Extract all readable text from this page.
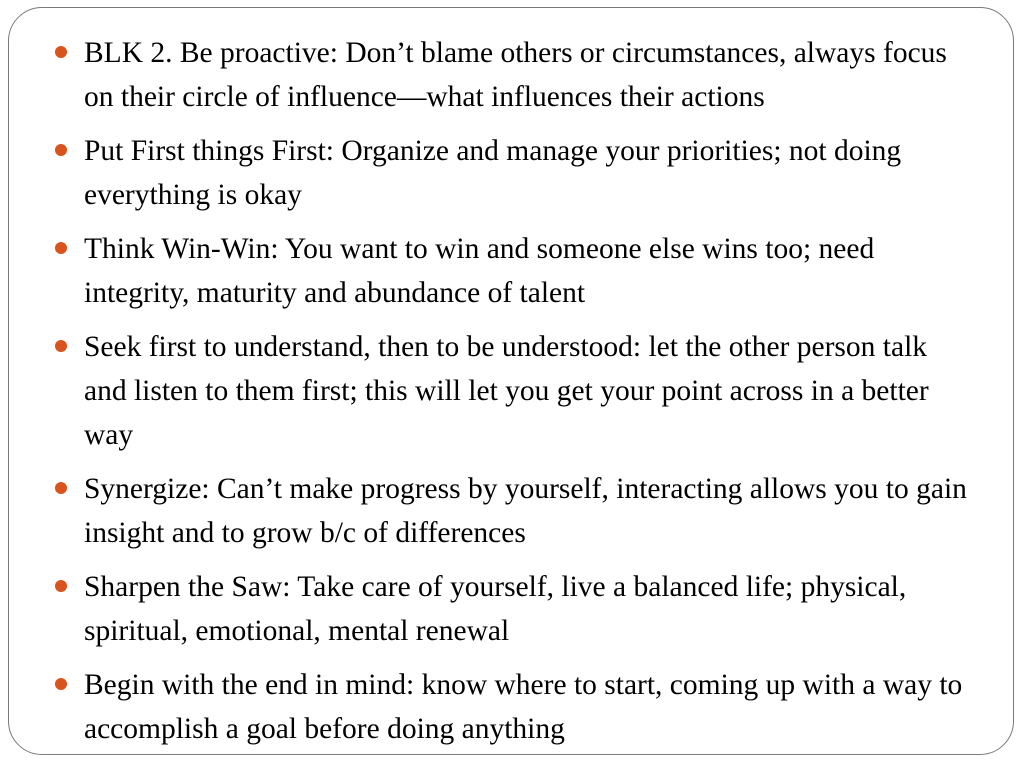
BLK 2. Be proactive: Don’t blame others or circumstances, always focus on their circle of influence—what influences their actions
Put First things First: Organize and manage your priorities; not doing everything is okay
Think Win-Win: You want to win and someone else wins too; need integrity, maturity and abundance of talent
Seek first to understand, then to be understood: let the other person talk and listen to them first; this will let you get your point across in a better way
Synergize: Can’t make progress by yourself, interacting allows you to gain insight and to grow b/c of differences
Sharpen the Saw: Take care of yourself, live a balanced life; physical, spiritual, emotional, mental renewal
Begin with the end in mind: know where to start, coming up with a way to accomplish a goal before doing anything
